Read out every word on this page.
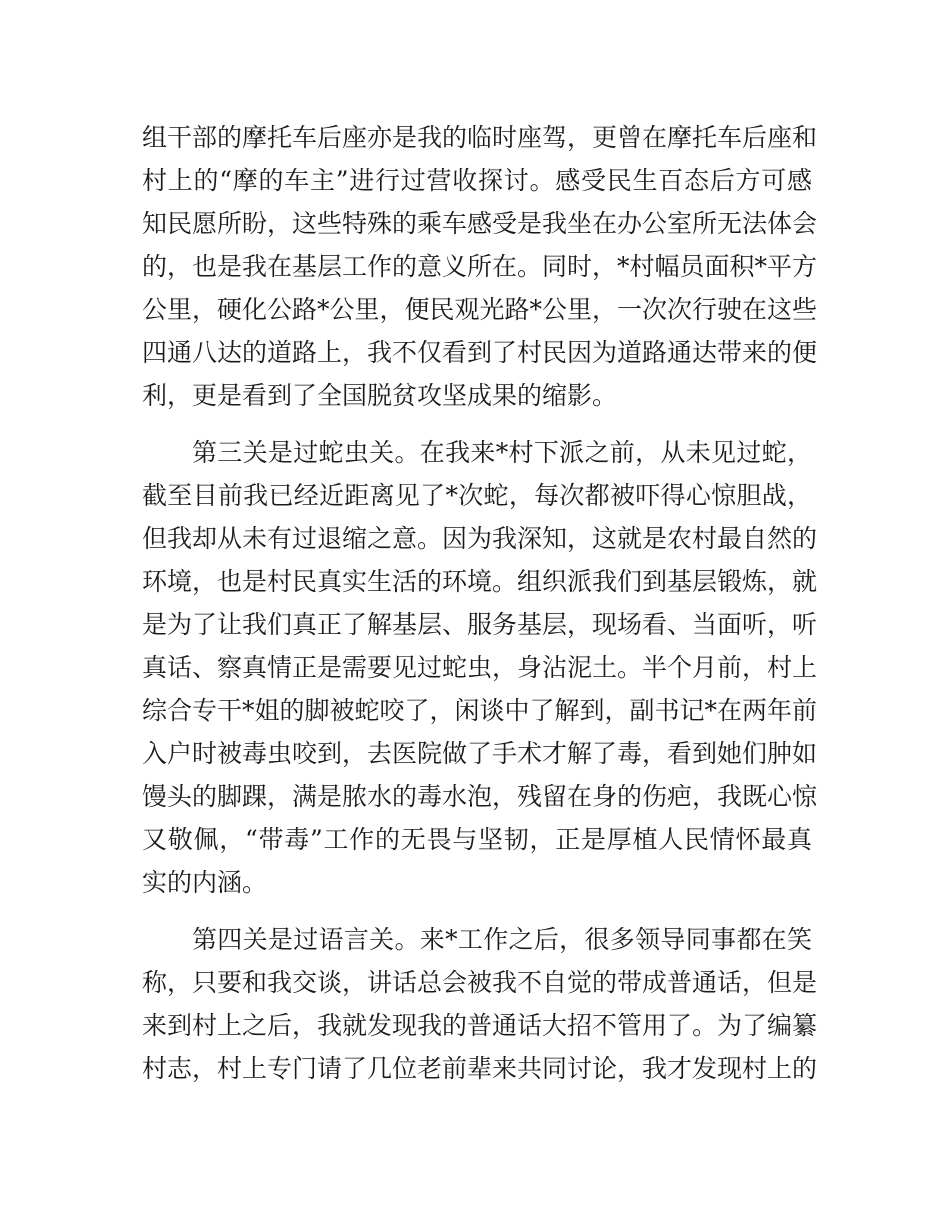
组干部的摩托车后座亦是我的临时座驾，更曾在摩托车后座和
村上的“摩的车主”进行过营收探讨。感受民生百态后方可感
知民愿所盼，这些特殊的乘车感受是我坐在办公室所无法体会
的，也是我在基层工作的意义所在。同时，*村幅员面积*平方
公里，硬化公路*公里，便民观光路*公里，一次次行驶在这些
四通八达的道路上，我不仅看到了村民因为道路通达带来的便
利，更是看到了全国脱贫攻坚成果的缩影。
第三关是过蛇虫关。在我来*村下派之前，从未见过蛇，
截至目前我已经近距离见了*次蛇，每次都被吓得心惊胆战，
但我却从未有过退缩之意。因为我深知，这就是农村最自然的
环境，也是村民真实生活的环境。组织派我们到基层锻炼，就
是为了让我们真正了解基层、服务基层，现场看、当面听，听
真话、察真情正是需要见过蛇虫，身沾泥土。半个月前，村上
综合专干*姐的脚被蛇咬了，闲谈中了解到，副书记*在两年前
入户时被毒虫咬到，去医院做了手术才解了毒，看到她们肿如
馒头的脚踝，满是脓水的毒水泡，残留在身的伤疤，我既心惊
又敬佩，“带毒”工作的无畏与坚韧，正是厚植人民情怀最真
实的内涵。
第四关是过语言关。来*工作之后，很多领导同事都在笑
称，只要和我交谈，讲话总会被我不自觉的带成普通话，但是
来到村上之后，我就发现我的普通话大招不管用了。为了编纂
村志，村上专门请了几位老前辈来共同讨论，我才发现村上的
